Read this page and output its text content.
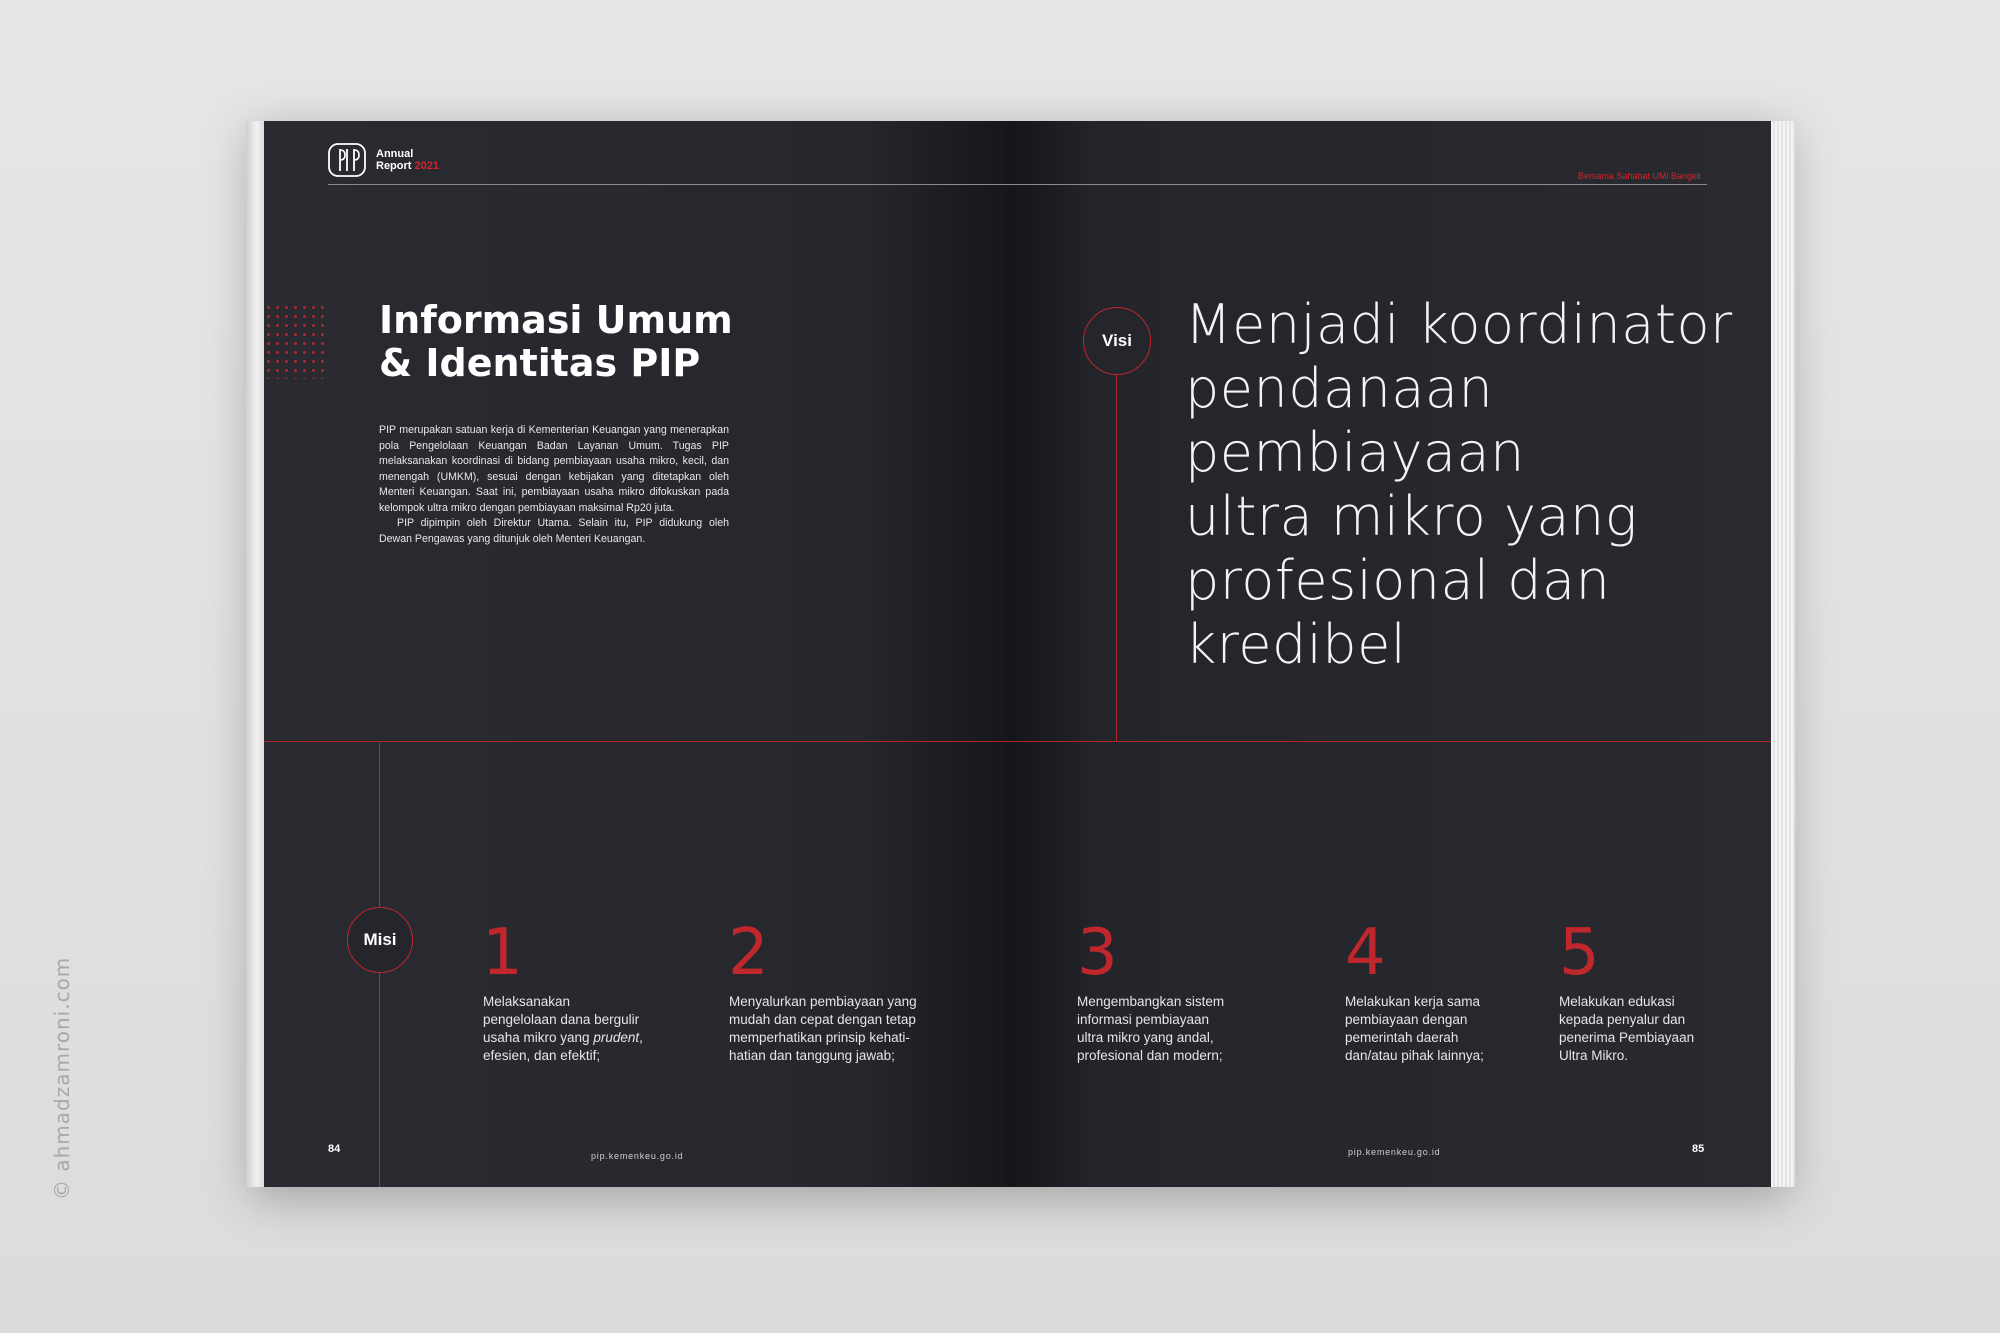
Annual
Report 2021
Informasi Umum
& Identitas PIP

PIP merupakan satuan kerja di Kementerian Keuangan yang menerapkan pola Pengelolaan Keuangan Badan Layanan Umum. Tugas PIP melaksanakan koordinasi di bidang pembiayaan usaha mikro, kecil, dan menengah (UMKM), sesuai dengan kebijakan yang ditetapkan oleh Menteri Keuangan. Saat ini, pembiayaan usaha mikro difokuskan pada kelompok ultra mikro dengan pembiayaan maksimal Rp20 juta.

PIP dipimpin oleh Direktur Utama. Selain itu, PIP didukung oleh Dewan Pengawas yang ditunjuk oleh Menteri Keuangan.

Misi 1
Melaksanakan
pengelolaan dana bergulir
usaha mikro yang prudent,
efesien, dan efektif;
2
Menyalurkan pembiayaan yang
mudah dan cepat dengan tetap
memperhatikan prinsip kehati-
hatian dan tanggung jawab;
84
pip.kemenkeu.go.id
Bersama Sahabat UMi Bangkit
Visi Menjadi koordinator
pendanaan
pembiayaan
ultra mikro yang
profesional dan
kredibel
3
Mengembangkan sistem
informasi pembiayaan
ultra mikro yang andal,
profesional dan modern;
4
Melakukan kerja sama
pembiayaan dengan
pemerintah daerah
dan/atau pihak lainnya;
5
Melakukan edukasi
kepada penyalur dan
penerima Pembiayaan
Ultra Mikro.
pip.kemenkeu.go.id	85
© ahmadzamroni.com
